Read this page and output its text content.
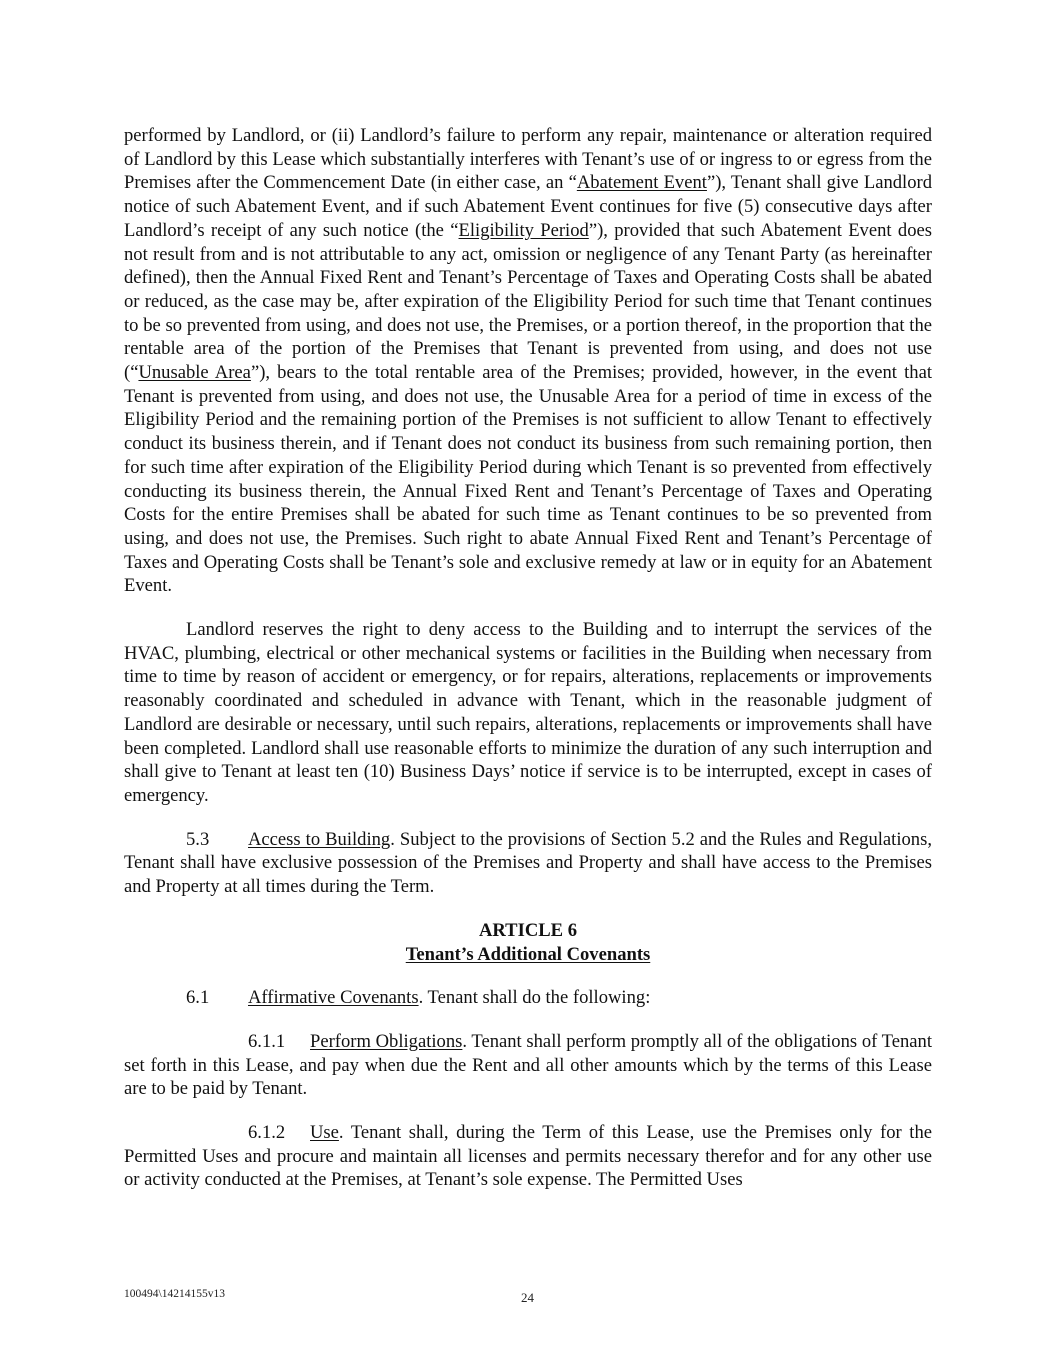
performed by Landlord, or (ii) Landlord’s failure to perform any repair, maintenance or alteration required of Landlord by this Lease which substantially interferes with Tenant’s use of or ingress to or egress from the Premises after the Commencement Date (in either case, an “Abatement Event”), Tenant shall give Landlord notice of such Abatement Event, and if such Abatement Event continues for five (5) consecutive days after Landlord’s receipt of any such notice (the “Eligibility Period”), provided that such Abatement Event does not result from and is not attributable to any act, omission or negligence of any Tenant Party (as hereinafter defined), then the Annual Fixed Rent and Tenant’s Percentage of Taxes and Operating Costs shall be abated or reduced, as the case may be, after expiration of the Eligibility Period for such time that Tenant continues to be so prevented from using, and does not use, the Premises, or a portion thereof, in the proportion that the rentable area of the portion of the Premises that Tenant is prevented from using, and does not use (“Unusable Area”), bears to the total rentable area of the Premises; provided, however, in the event that Tenant is prevented from using, and does not use, the Unusable Area for a period of time in excess of the Eligibility Period and the remaining portion of the Premises is not sufficient to allow Tenant to effectively conduct its business therein, and if Tenant does not conduct its business from such remaining portion, then for such time after expiration of the Eligibility Period during which Tenant is so prevented from effectively conducting its business therein, the Annual Fixed Rent and Tenant’s Percentage of Taxes and Operating Costs for the entire Premises shall be abated for such time as Tenant continues to be so prevented from using, and does not use, the Premises. Such right to abate Annual Fixed Rent and Tenant’s Percentage of Taxes and Operating Costs shall be Tenant’s sole and exclusive remedy at law or in equity for an Abatement Event.

Landlord reserves the right to deny access to the Building and to interrupt the services of the HVAC, plumbing, electrical or other mechanical systems or facilities in the Building when necessary from time to time by reason of accident or emergency, or for repairs, alterations, replacements or improvements reasonably coordinated and scheduled in advance with Tenant, which in the reasonable judgment of Landlord are desirable or necessary, until such repairs, alterations, replacements or improvements shall have been completed. Landlord shall use reasonable efforts to minimize the duration of any such interruption and shall give to Tenant at least ten (10) Business Days’ notice if service is to be interrupted, except in cases of emergency.

5.3 Access to Building. Subject to the provisions of Section 5.2 and the Rules and Regulations, Tenant shall have exclusive possession of the Premises and Property and shall have access to the Premises and Property at all times during the Term.

ARTICLE 6
Tenant’s Additional Covenants

6.1 Affirmative Covenants. Tenant shall do the following:

6.1.1 Perform Obligations. Tenant shall perform promptly all of the obligations of Tenant set forth in this Lease, and pay when due the Rent and all other amounts which by the terms of this Lease are to be paid by Tenant.

6.1.2 Use. Tenant shall, during the Term of this Lease, use the Premises only for the Permitted Uses and procure and maintain all licenses and permits necessary therefor and for any other use or activity conducted at the Premises, at Tenant’s sole expense. The Permitted Uses

100494\14214155v13	24
